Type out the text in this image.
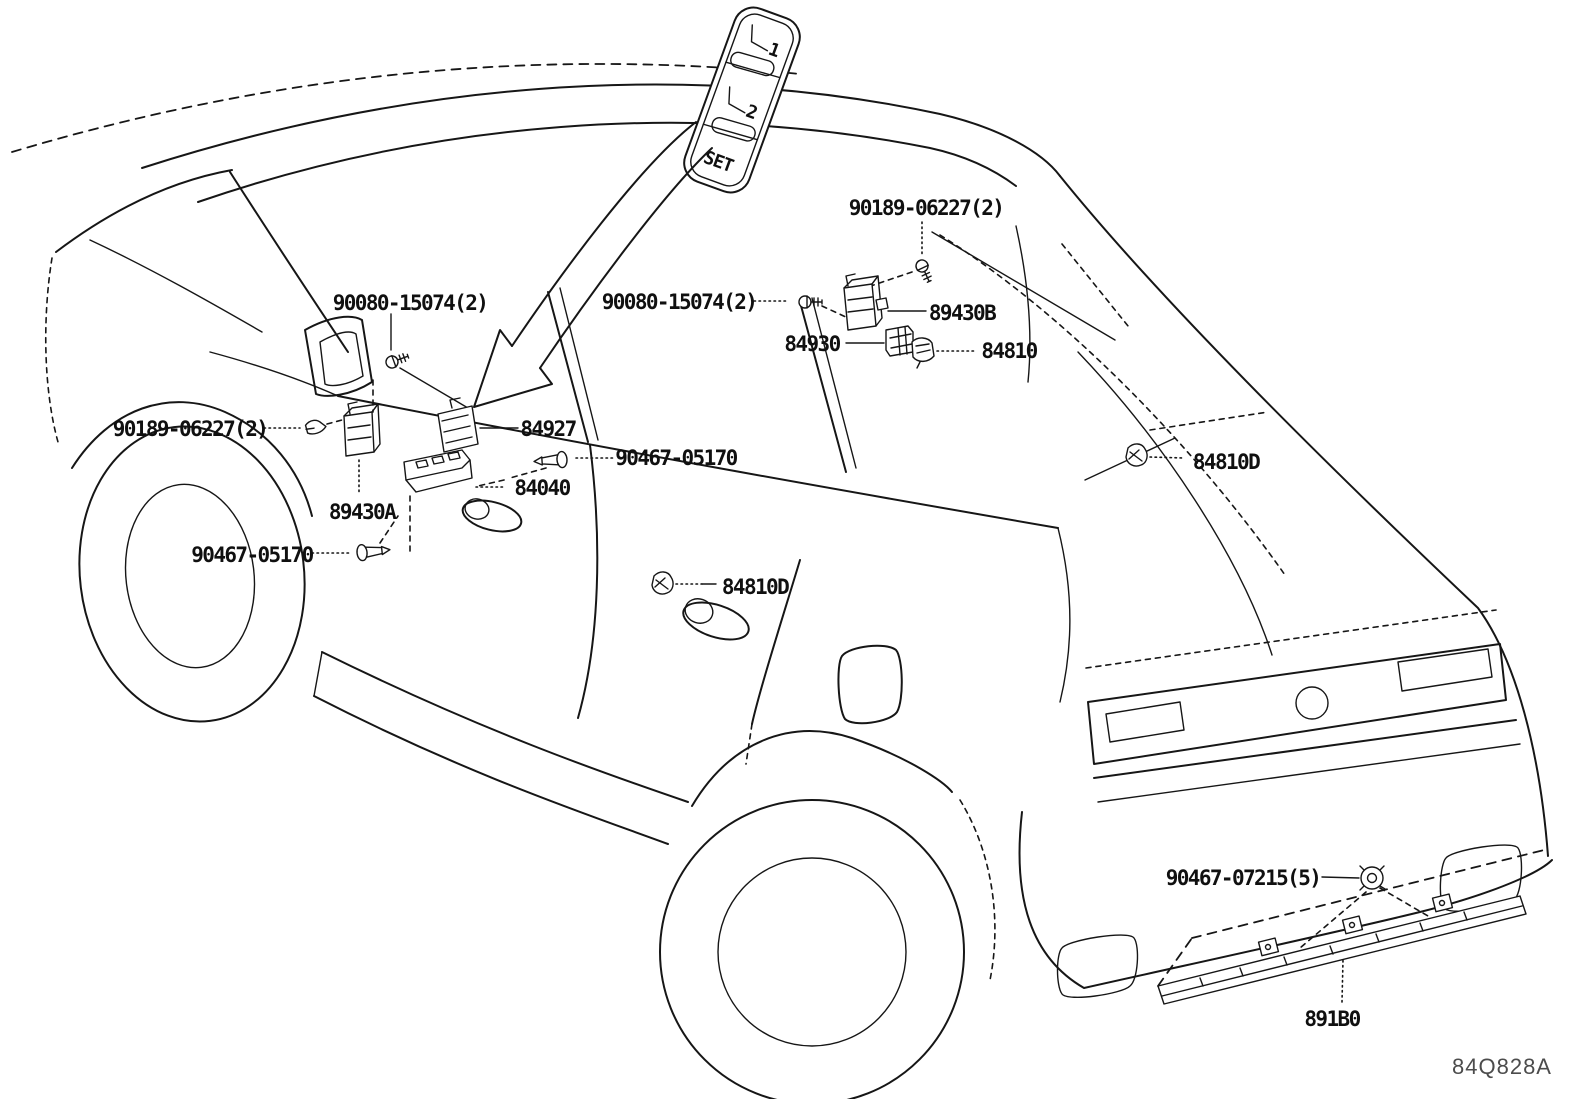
1
2
SET
90189-06227(2)
89430B
84930	84810
90080-15074(2)	90080-15074(2)
84927
90467-05170
84040
90189-06227(2)
89430A
90467-05170
84810D
84810D
90467-07215(5)
891B0
84Q828A
